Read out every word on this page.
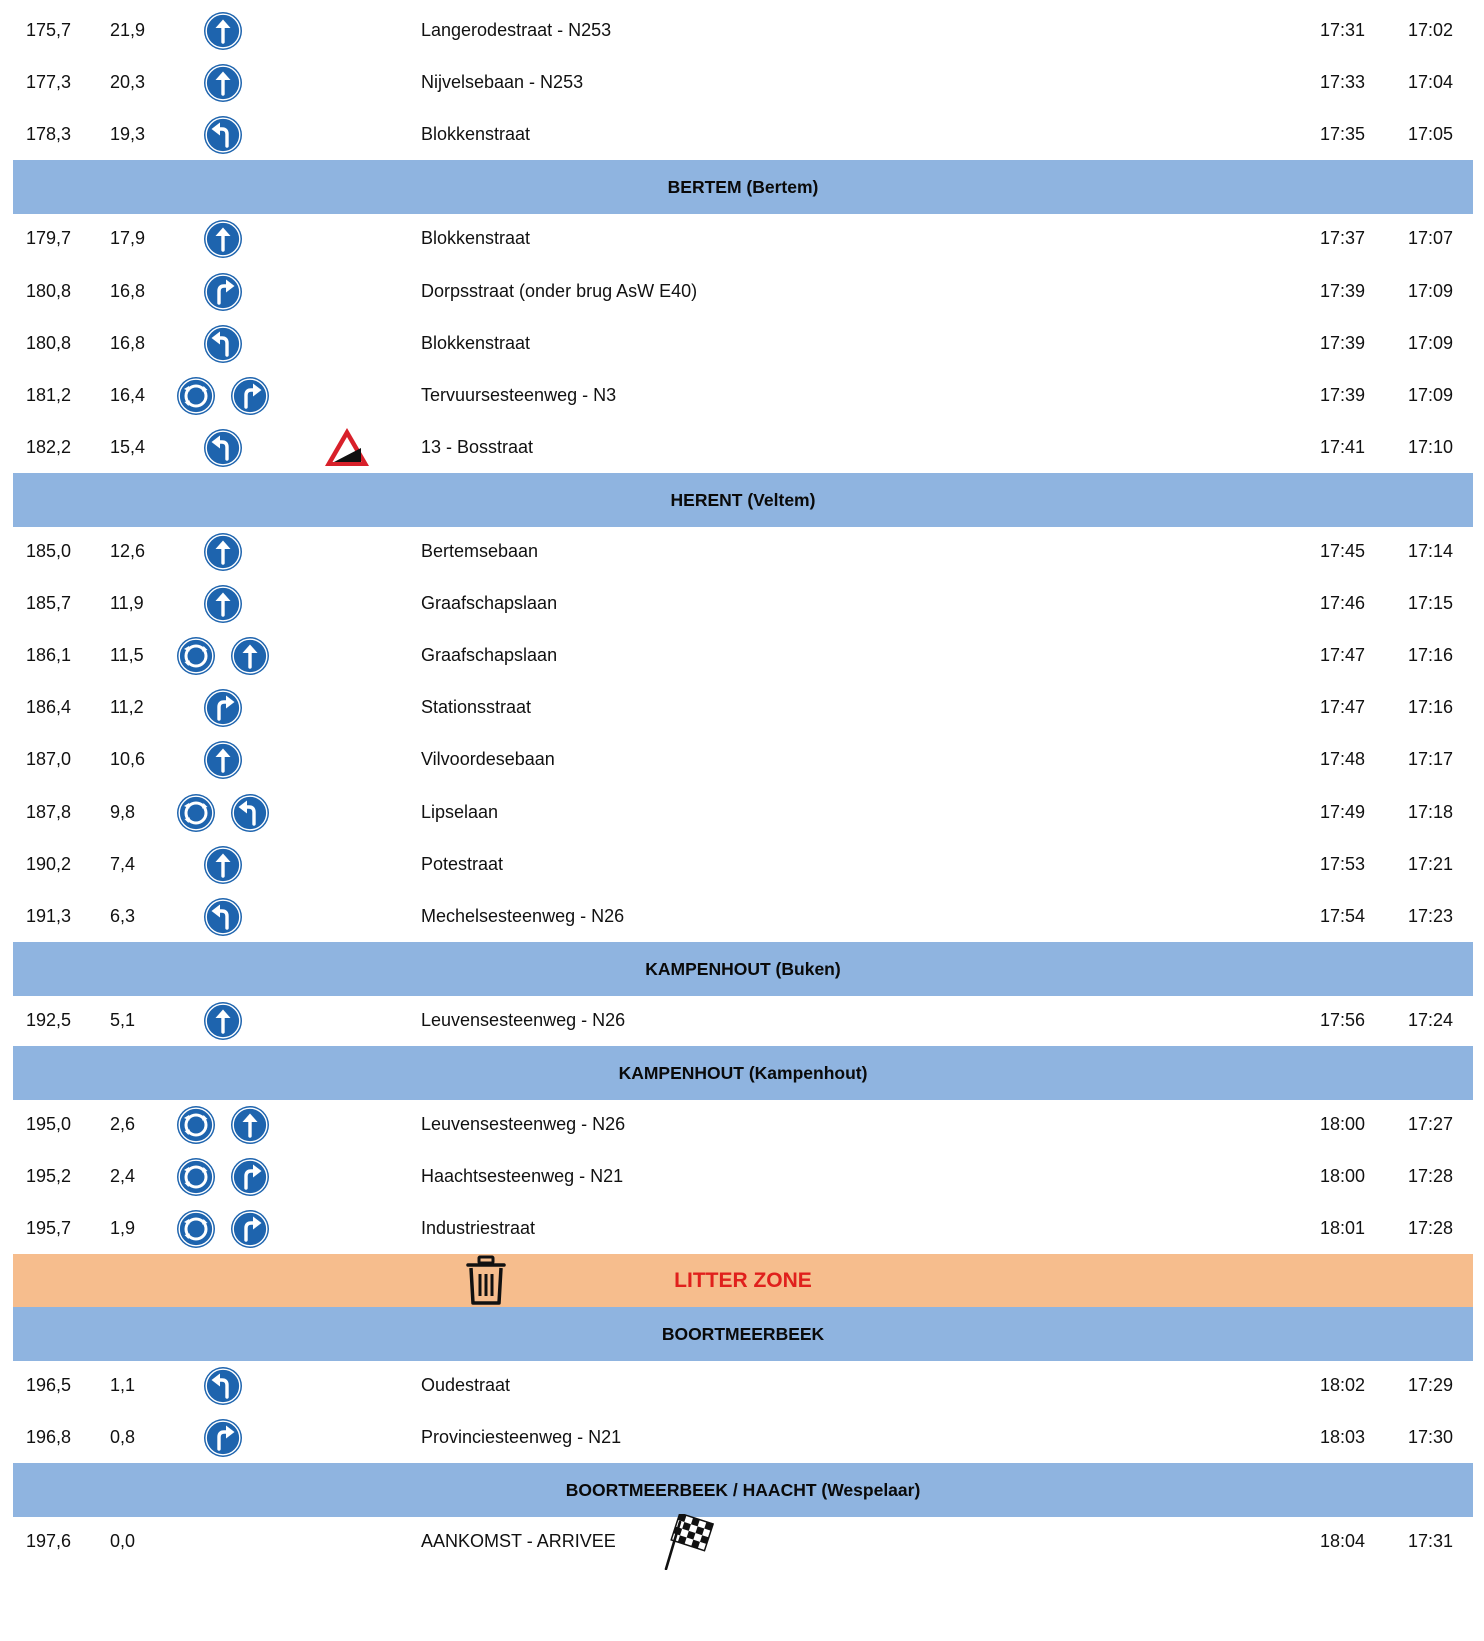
175,7 21,9	Langerodestraat - N253	17:31 17:02
177,3 20,3	Nijvelsebaan - N253	17:33 17:04
178,3 19,3	Blokkenstraat	17:35 17:05
BERTEM (Bertem)
179,7 17,9	Blokkenstraat	17:37 17:07
180,8 16,8	Dorpsstraat (onder brug AsW E40)	17:39 17:09
180,8 16,8	Blokkenstraat	17:39 17:09
181,2 16,4	Tervuursesteenweg - N3	17:39 17:09
182,2 15,4	13 - Bosstraat	17:41 17:10
HERENT (Veltem)
185,0 12,6	Bertemsebaan	17:45 17:14
185,7 11,9	Graafschapslaan	17:46 17:15
186,1 11,5	Graafschapslaan	17:47 17:16
186,4 11,2	Stationsstraat	17:47 17:16
187,0 10,6	Vilvoordesebaan	17:48 17:17
187,8 9,8	Lipselaan	17:49 17:18
190,2 7,4	Potestraat	17:53 17:21
191,3 6,3	Mechelsesteenweg - N26	17:54 17:23
KAMPENHOUT (Buken)
192,5 5,1	Leuvensesteenweg - N26	17:56 17:24
KAMPENHOUT (Kampenhout)
195,0 2,6	Leuvensesteenweg - N26	18:00 17:27
195,2 2,4	Haachtsesteenweg - N21	18:00 17:28
195,7 1,9	Industriestraat	18:01 17:28
LITTER ZONE
BOORTMEERBEEK
196,5 1,1	Oudestraat	18:02 17:29
196,8 0,8	Provinciesteenweg - N21	18:03 17:30
BOORTMEERBEEK / HAACHT (Wespelaar)
197,6 0,0	AANKOMST - ARRIVEE	18:04 17:31
